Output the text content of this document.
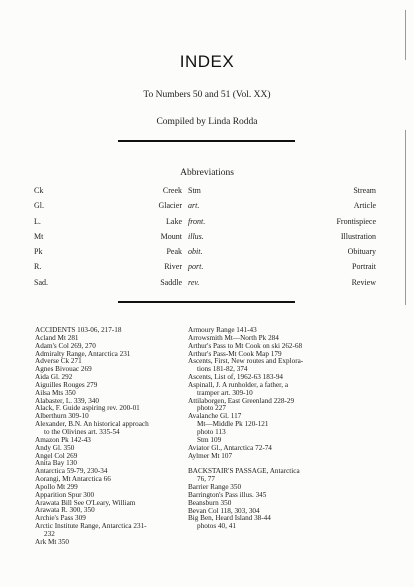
INDEX
To Numbers 50 and 51 (Vol. XX)
Compiled by Linda Rodda
Abbreviations
Ck	Creek Stm	Stream
Gl.	Glacier art.	Article
L.	Lake front.	Frontispiece
Mt	Mount illus.	Illustration
Pk	Peak obit.	Obituary
R.	River port.	Portrait
Sad.	Saddle rev.	Review
ACCIDENTS 103-06, 217-18
Acland Mt 281
Adam's Col 269, 270
Admiralty Range, Antarctica 231
Adverse Ck 271
Agnes Bivouac 269
Aida Gl. 292
Aiguilles Rouges 279
Ailsa Mts 350
Alabaster, L. 339, 340
Alack, F. Guide aspiring rev. 200-01
Alberthurn 309-10
Alexander, B.N. An historical approach
to the Olivines art. 335-54
Amazon Pk 142-43
Andy Gl. 350
Angel Col 269
Anita Bay 130
Antarctica 59-79, 230-34
Aorangi, Mt Antarctica 66
Apollo Mt 299
Apparition Spur 300
Arawata Bill See O'Leary, William
Arawata R. 300, 350
Archie's Pass 309
Arctic Institute Range, Antarctica 231-
232
Ark Mt 350
Armoury Range 141-43
Arrowsmith Mt—North Pk 284
Arthur's Pass to Mt Cook on ski 262-68
Arthur's Pass-Mt Cook Map 179
Ascents, First, New routes and Explora-
tions 181-82, 374
Ascents, List of, 1962-63 183-94
Aspinall, J. A runholder, a father, a
tramper art. 309-10
Attilaborgen, East Greenland 228-29
photo 227
Avalanche Gl. 117
Mt—Middle Pk 120-121
photo 113
Stm 109
Aviator Gl., Antarctica 72-74
Aylmer Mt 107
BACKSTAIR'S PASSAGE, Antarctica
76, 77
Barrier Range 350
Barrington's Pass illus. 345
Beansburn 350
Bevan Col 118, 303, 304
Big Ben, Heard Island 38-44
photos 40, 41
